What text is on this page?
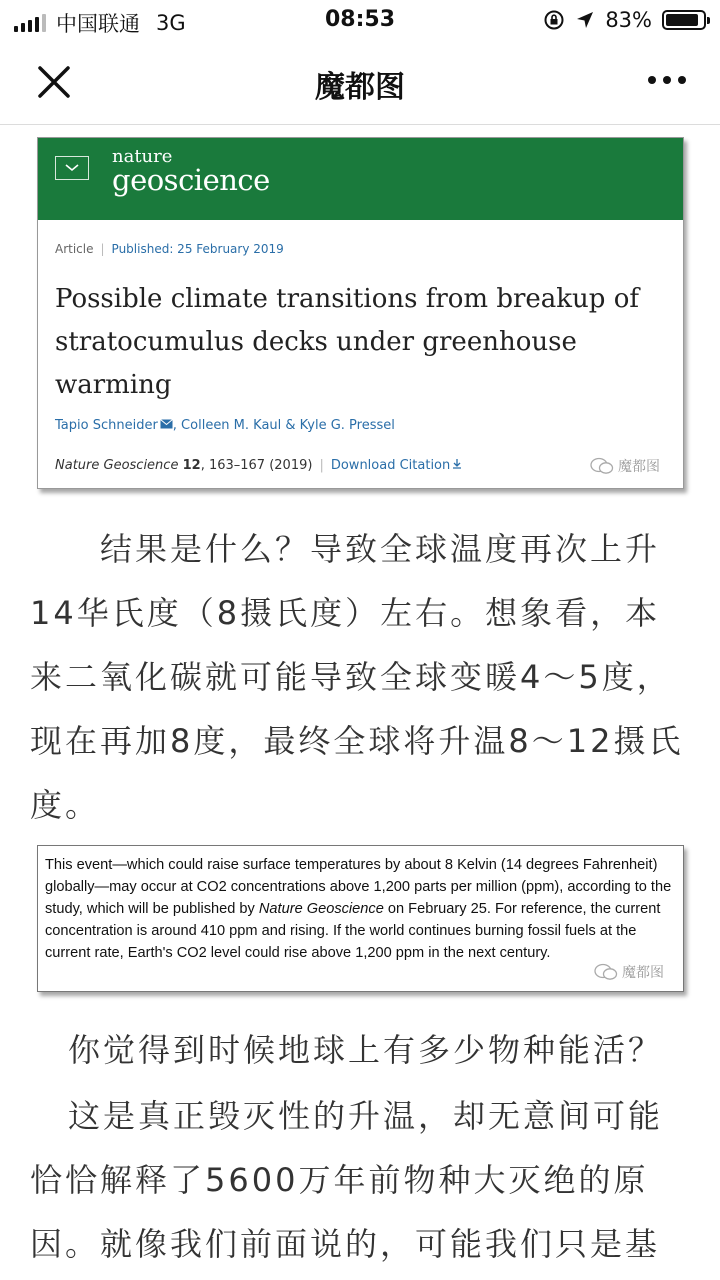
中国联通 3G	08:53	83%
魔都图
nature
geoscience
Article | Published: 25 February 2019
Possible climate transitions from breakup of stratocumulus decks under greenhouse warming
Tapio Schneider , Colleen M. Kaul & Kyle G. Pressel
Nature Geoscience 12, 163–167 (2019) | Download Citation	魔都图
结果是什么？导致全球温度再次上升14华氏度（8摄氏度）左右。想象看，本来二氧化碳就可能导致全球变暖4～5度，现在再加8度，最终全球将升温8～12摄氏度。
This event—which could raise surface temperatures by about 8 Kelvin (14 degrees Fahrenheit) globally—may occur at CO2 concentrations above 1,200 parts per million (ppm), according to the study, which will be published by Nature Geoscience on February 25. For reference, the current concentration is around 410 ppm and rising. If the world continues burning fossil fuels at the current rate, Earth's CO2 level could rise above 1,200 ppm in the next century.
魔都图
你觉得到时候地球上有多少物种能活？
这是真正毁灭性的升温，却无意间可能恰恰解释了5600万年前物种大灭绝的原因。就像我们前面说的，可能我们只是基
